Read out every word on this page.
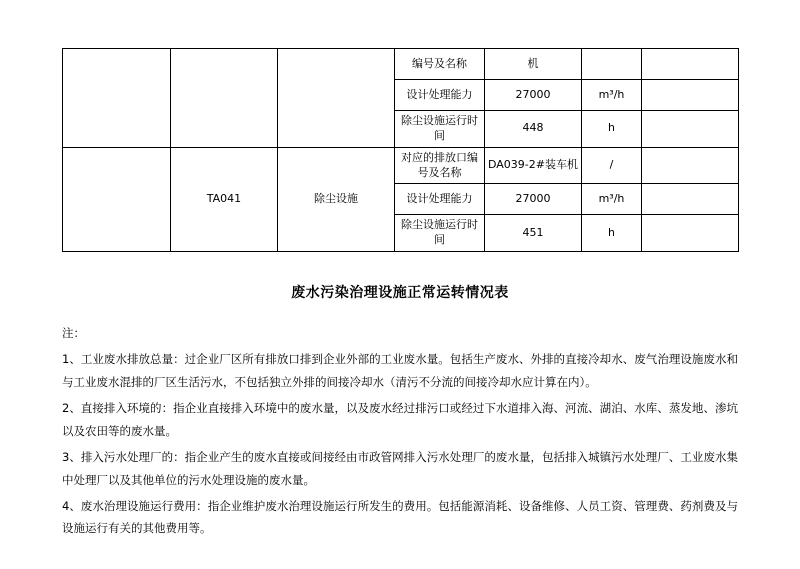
			编号及名称	机		
			设计处理能力	27000	m³/h	
			除尘设施运行时间	448	h	
	TA041	除尘设施	对应的排放口编号及名称	DA039-2#装车机	/	
			设计处理能力	27000	m³/h	
			除尘设施运行时间	451	h	
废水污染治理设施正常运转情况表

注：

1、工业废水排放总量：过企业厂区所有排放口排到企业外部的工业废水量。包括生产废水、外排的直接冷却水、废气治理设施废水和与工业废水混排的厂区生活污水，不包括独立外排的间接冷却水（清污不分流的间接冷却水应计算在内）。

2、直接排入环境的：指企业直接排入环境中的废水量，以及废水经过排污口或经过下水道排入海、河流、湖泊、水库、蒸发地、渗坑以及农田等的废水量。

3、排入污水处理厂的：指企业产生的废水直接或间接经由市政管网排入污水处理厂的废水量，包括排入城镇污水处理厂、工业废水集中处理厂以及其他单位的污水处理设施的废水量。

4、废水治理设施运行费用：指企业维护废水治理设施运行所发生的费用。包括能源消耗、设备维修、人员工资、管理费、药剂费及与设施运行有关的其他费用等。
